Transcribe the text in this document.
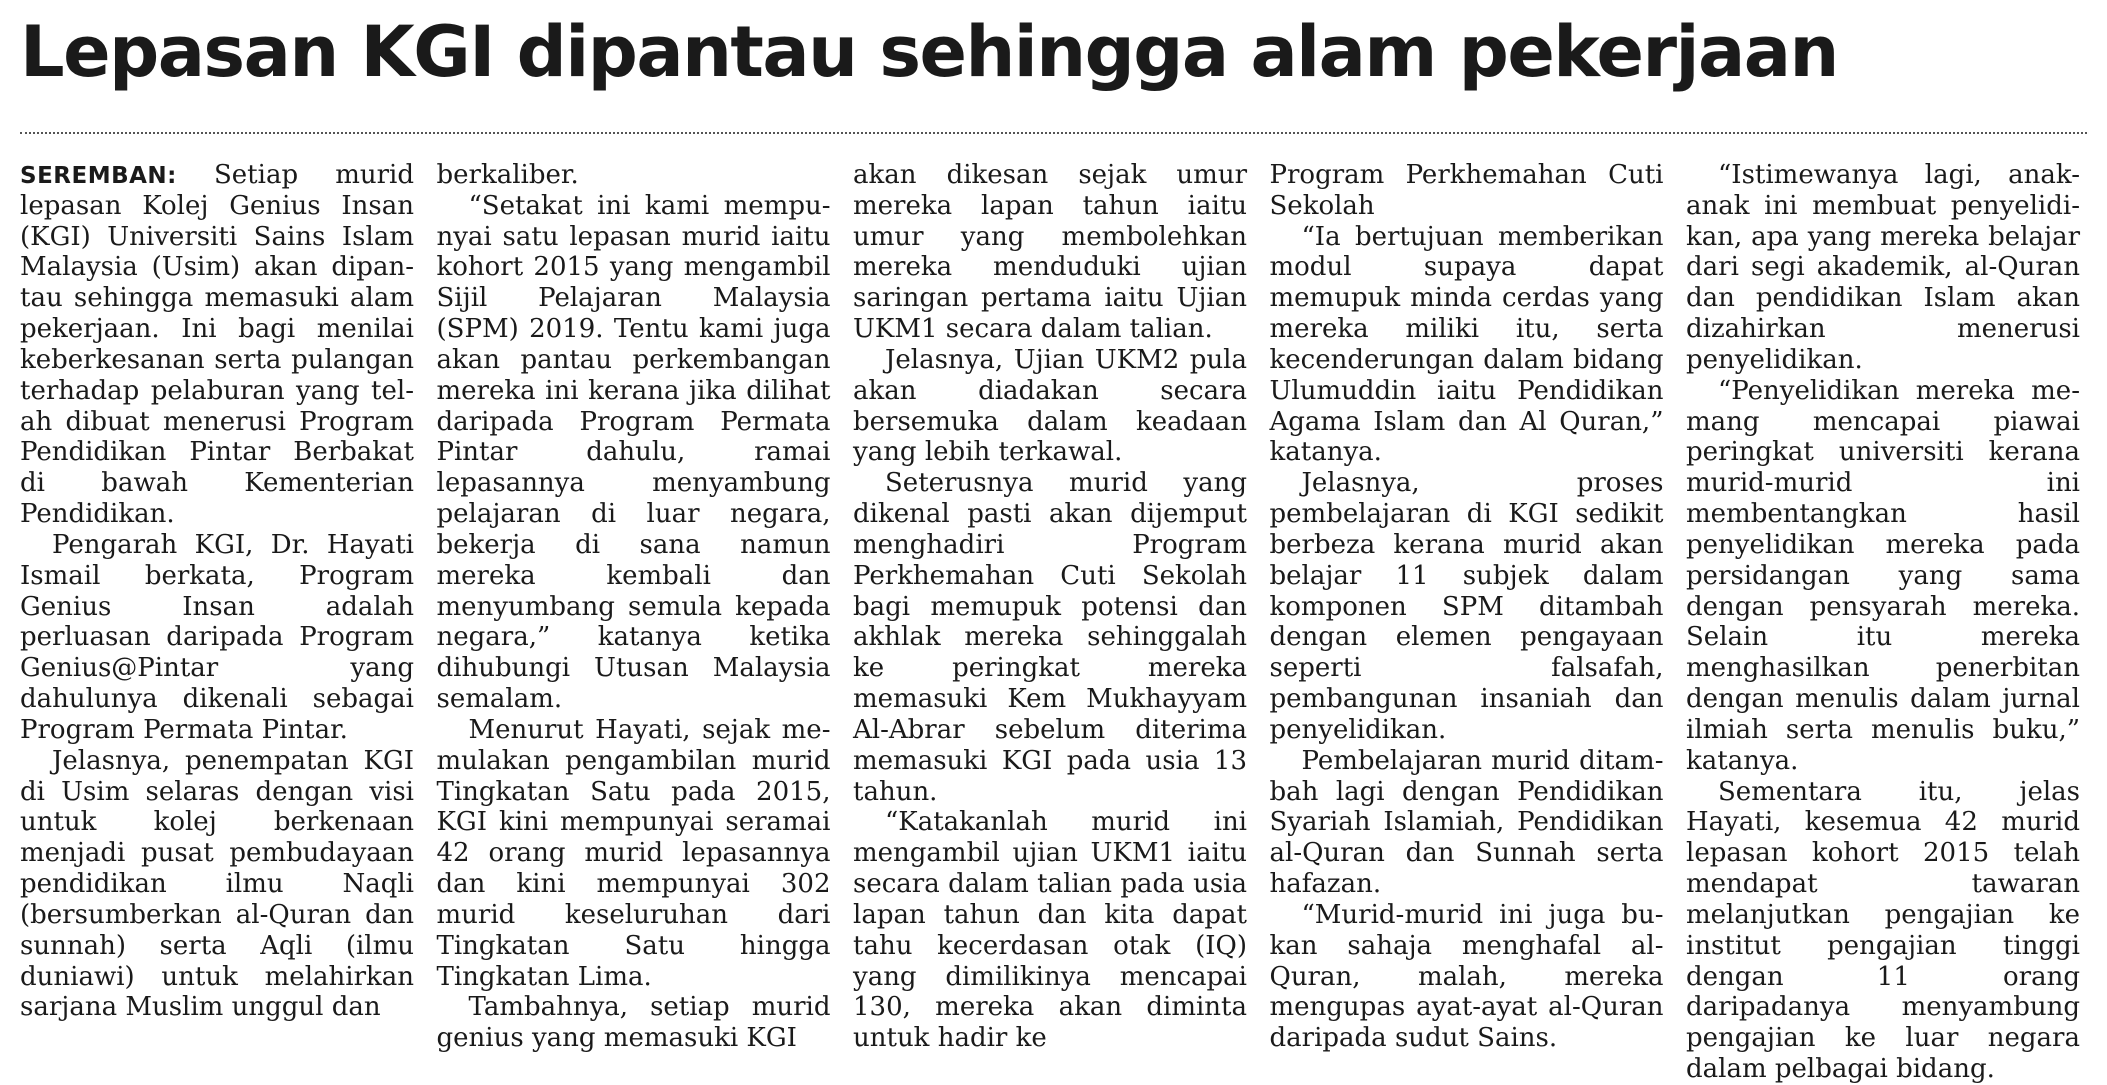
Lepasan KGI dipantau sehingga alam pekerjaan

SEREMBAN: Setiap murid lepasan Kolej Genius Insan (KGI) Universiti Sains Islam Malaysia (Usim) akan dipantau sehingga memasuki alam pekerjaan. Ini bagi menilai keberkesanan serta pulangan terhadap pelaburan yang telah dibuat menerusi Program Pendidikan Pintar Berbakat di bawah Kementerian Pendidikan.

Pengarah KGI, Dr. Hayati Ismail berkata, Program Genius Insan adalah perluasan daripada Program Genius@Pintar yang dahulunya dikenali sebagai Program Permata Pintar.

Jelasnya, penempatan KGI di Usim selaras dengan visi untuk kolej berkenaan menjadi pusat pembudayaan pendidikan ilmu Naqli (bersumberkan al-Quran dan sunnah) serta Aqli (ilmu duniawi) untuk melahirkan sarjana Muslim unggul dan

berkaliber.

“Setakat ini kami mempunyai satu lepasan murid iaitu kohort 2015 yang mengambil Sijil Pelajaran Malaysia (SPM) 2019. Tentu kami juga akan pantau perkembangan mereka ini kerana jika dilihat daripada Program Permata Pintar dahulu, ramai lepasannya menyambung pelajaran di luar negara, bekerja di sana namun mereka kembali dan menyumbang semula kepada negara,” katanya ketika dihubungi Utusan Malaysia semalam.

Menurut Hayati, sejak memulakan pengambilan murid Tingkatan Satu pada 2015, KGI kini mempunyai seramai 42 orang murid lepasannya dan kini mempunyai 302 murid keseluruhan dari Tingkatan Satu hingga Tingkatan Lima.

Tambahnya, setiap murid genius yang memasuki KGI

akan dikesan sejak umur mereka lapan tahun iaitu umur yang membolehkan mereka menduduki ujian saringan pertama iaitu Ujian UKM1 secara dalam talian.

Jelasnya, Ujian UKM2 pula akan diadakan secara bersemuka dalam keadaan yang lebih terkawal.

Seterusnya murid yang dikenal pasti akan dijemput menghadiri Program Perkhemahan Cuti Sekolah bagi memupuk potensi dan akhlak mereka sehinggalah ke peringkat mereka memasuki Kem Mukhayyam Al-Abrar sebelum diterima memasuki KGI pada usia 13 tahun.

“Katakanlah murid ini mengambil ujian UKM1 iaitu secara dalam talian pada usia lapan tahun dan kita dapat tahu kecerdasan otak (IQ) yang dimilikinya mencapai 130, mereka akan diminta untuk hadir ke

Program Perkhemahan Cuti Sekolah

“Ia bertujuan memberikan modul supaya dapat memupuk minda cerdas yang mereka miliki itu, serta kecenderungan dalam bidang Ulumuddin iaitu Pendidikan Agama Islam dan Al Quran,” katanya.

Jelasnya, proses pembelajaran di KGI sedikit berbeza kerana murid akan belajar 11 subjek dalam komponen SPM ditambah dengan elemen pengayaan seperti falsafah, pembangunan insaniah dan penyelidikan.

Pembelajaran murid ditambah lagi dengan Pendidikan Syariah Islamiah, Pendidikan al-Quran dan Sunnah serta hafazan.

“Murid-murid ini juga bukan sahaja menghafal al-Quran, malah, mereka mengupas ayat-ayat al-Quran daripada sudut Sains.

“Istimewanya lagi, anak-anak ini membuat penyelidikan, apa yang mereka belajar dari segi akademik, al-Quran dan pendidikan Islam akan dizahirkan menerusi penyelidikan.

“Penyelidikan mereka memang mencapai piawai peringkat universiti kerana murid-murid ini membentangkan hasil penyelidikan mereka pada persidangan yang sama dengan pensyarah mereka. Selain itu mereka menghasilkan penerbitan dengan menulis dalam jurnal ilmiah serta menulis buku,” katanya.

Sementara itu, jelas Hayati, kesemua 42 murid lepasan kohort 2015 telah mendapat tawaran melanjutkan pengajian ke institut pengajian tinggi dengan 11 orang daripadanya menyambung pengajian ke luar negara dalam pelbagai bidang.
